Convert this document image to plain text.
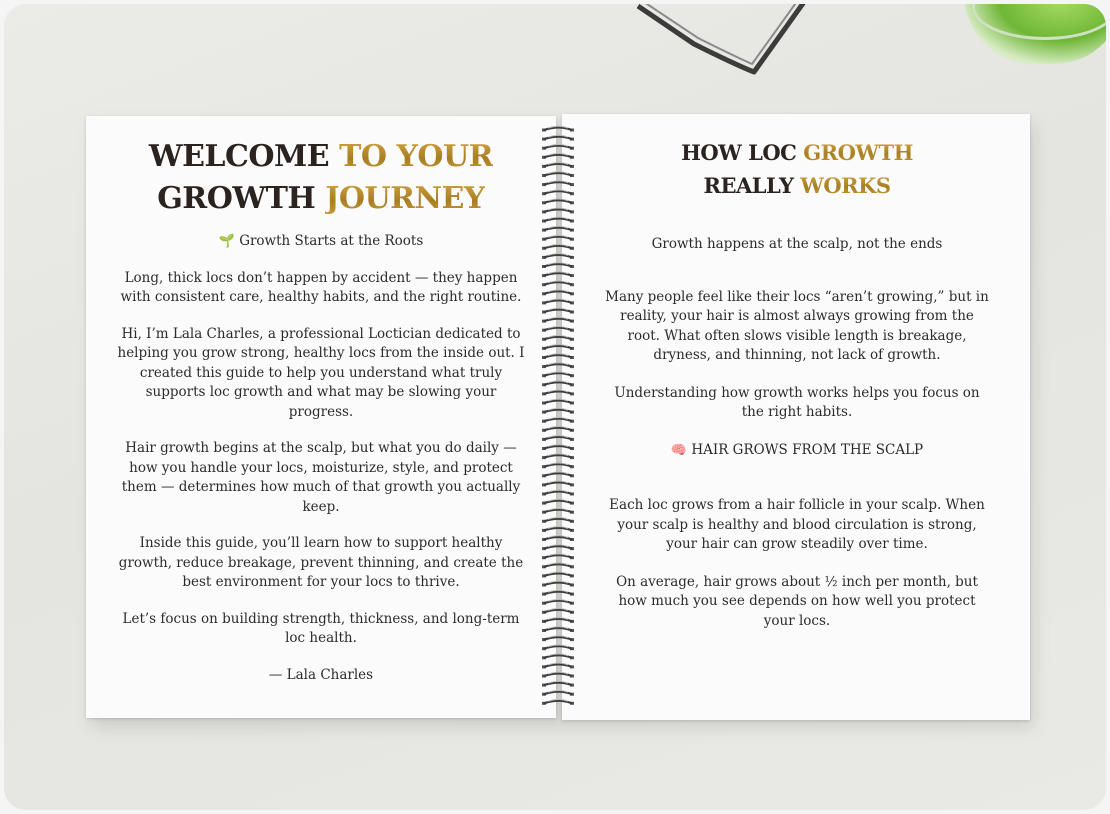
WELCOME TO YOUR
GROWTH JOURNEY

🌱 Growth Starts at the Roots

Long, thick locs don’t happen by accident — they happen with consistent care, healthy habits, and the right routine.

Hi, I’m Lala Charles, a professional Loctician dedicated to helping you grow strong, healthy locs from the inside out. I created this guide to help you understand what truly supports loc growth and what may be slowing your progress.

Hair growth begins at the scalp, but what you do daily — how you handle your locs, moisturize, style, and protect them — determines how much of that growth you actually keep.

Inside this guide, you’ll learn how to support healthy growth, reduce breakage, prevent thinning, and create the best environment for your locs to thrive.

Let’s focus on building strength, thickness, and long-term loc health.

— Lala Charles

HOW LOC GROWTH
REALLY WORKS

Growth happens at the scalp, not the ends

Many people feel like their locs “aren’t growing,” but in reality, your hair is almost always growing from the root. What often slows visible length is breakage, dryness, and thinning, not lack of growth.

Understanding how growth works helps you focus on the right habits.

🧠 HAIR GROWS FROM THE SCALP

Each loc grows from a hair follicle in your scalp. When your scalp is healthy and blood circulation is strong, your hair can grow steadily over time.

On average, hair grows about ½ inch per month, but how much you see depends on how well you protect your locs.
